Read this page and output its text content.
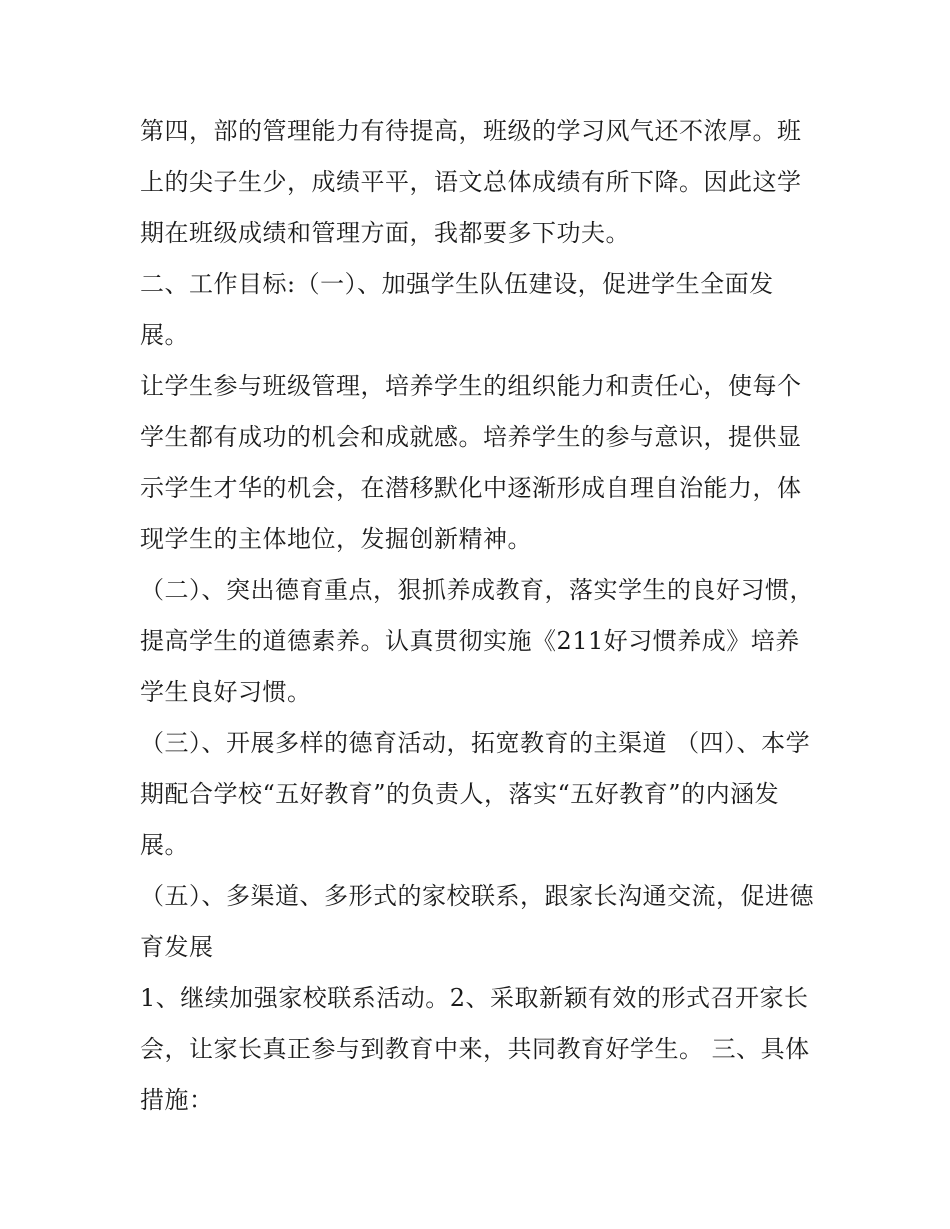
第四，部的管理能力有待提高，班级的学习风气还不浓厚。班上的尖子生少，成绩平平，语文总体成绩有所下降。因此这学期在班级成绩和管理方面，我都要多下功夫。

二、工作目标:（一）、加强学生队伍建设，促进学生全面发展。

让学生参与班级管理，培养学生的组织能力和责任心，使每个学生都有成功的机会和成就感。培养学生的参与意识，提供显示学生才华的机会，在潜移默化中逐渐形成自理自治能力，体现学生的主体地位，发掘创新精神。

（二）、突出德育重点，狠抓养成教育，落实学生的良好习惯，提高学生的道德素养。认真贯彻实施《211好习惯养成》培养学生良好习惯。

（三）、开展多样的德育活动，拓宽教育的主渠道 （四）、本学期配合学校“五好教育”的负责人，落实“五好教育”的内涵发展。

（五）、多渠道、多形式的家校联系，跟家长沟通交流，促进德育发展

1、继续加强家校联系活动。2、采取新颖有效的形式召开家长会，让家长真正参与到教育中来，共同教育好学生。 三、具体措施：
